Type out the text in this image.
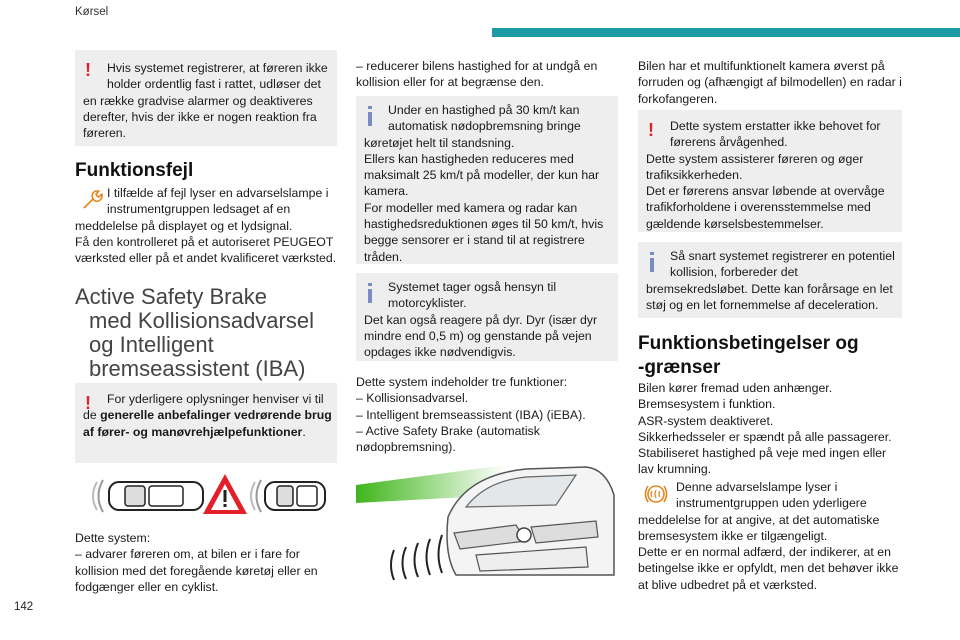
Kørsel
142
!	Hvis systemet registrerer, at føreren ikke holder ordentlig fast i rattet, udløser det
en række gradvise alarmer og deaktiveres derefter, hvis der ikke er nogen reaktion fra føreren.

Funktionsfejl
I tilfælde af fejl lyser en advarselslampe i instrumentgruppen ledsaget af en
meddelelse på displayet og et lydsignal.
Få den kontrolleret på et autoriseret PEUGEOT værksted eller på et andet kvalificeret værksted.
Active Safety Brake

med Kollisionsadvarsel og Intelligent bremseassistent (IBA)
!	For yderligere oplysninger henviser vi til de generelle anbefalinger vedrørende brug af fører- og manøvrehjælpefunktioner.

Dette system:
– advarer føreren om, at bilen er i fare for kollision med det foregående køretøj eller en fodgænger eller en cyklist.
– reducerer bilens hastighed for at undgå en kollision eller for at begrænse den.

Under en hastighed på 30 km/t kan automatisk nødopbremsning bringe
køretøjet helt til standsning.
Ellers kan hastigheden reduceres med maksimalt 25 km/t på modeller, der kun har kamera.
For modeller med kamera og radar kan hastighedsreduktionen øges til 50 km/t, hvis begge sensorer er i stand til at registrere tråden.

Systemet tager også hensyn til motorcyklister.
Det kan også reagere på dyr. Dyr (især dyr mindre end 0,5 m) og genstande på vejen opdages ikke nødvendigvis.

Dette system indeholder tre funktioner:
– Kollisionsadvarsel.
– Intelligent bremseassistent (IBA) (iEBA).
– Active Safety Brake (automatisk nødopbremsning).
Bilen har et multifunktionelt kamera øverst på forruden og (afhængigt af bilmodellen) en radar i forkofangeren.
!	Dette system erstatter ikke behovet for førerens årvågenhed.
Dette system assisterer føreren og øger trafiksikkerheden.
Det er førerens ansvar løbende at overvåge trafikforholdene i overensstemmelse med gældende kørselsbestemmelser.

Så snart systemet registrerer en potentiel kollision, forbereder det
bremsekredsløbet. Dette kan forårsage en let støj og en let fornemmelse af deceleration.

Funktionsbetingelser og
-grænser
Bilen kører fremad uden anhænger.
Bremsesystem i funktion.
ASR-system deaktiveret.
Sikkerhedsseler er spændt på alle passagerer.
Stabiliseret hastighed på veje med ingen eller lav krumning.
Denne advarselslampe lyser i instrumentgruppen uden yderligere
meddelelse for at angive, at det automatiske bremsesystem ikke er tilgængeligt.
Dette er en normal adfærd, der indikerer, at en betingelse ikke er opfyldt, men det behøver ikke at blive udbedret på et værksted.
